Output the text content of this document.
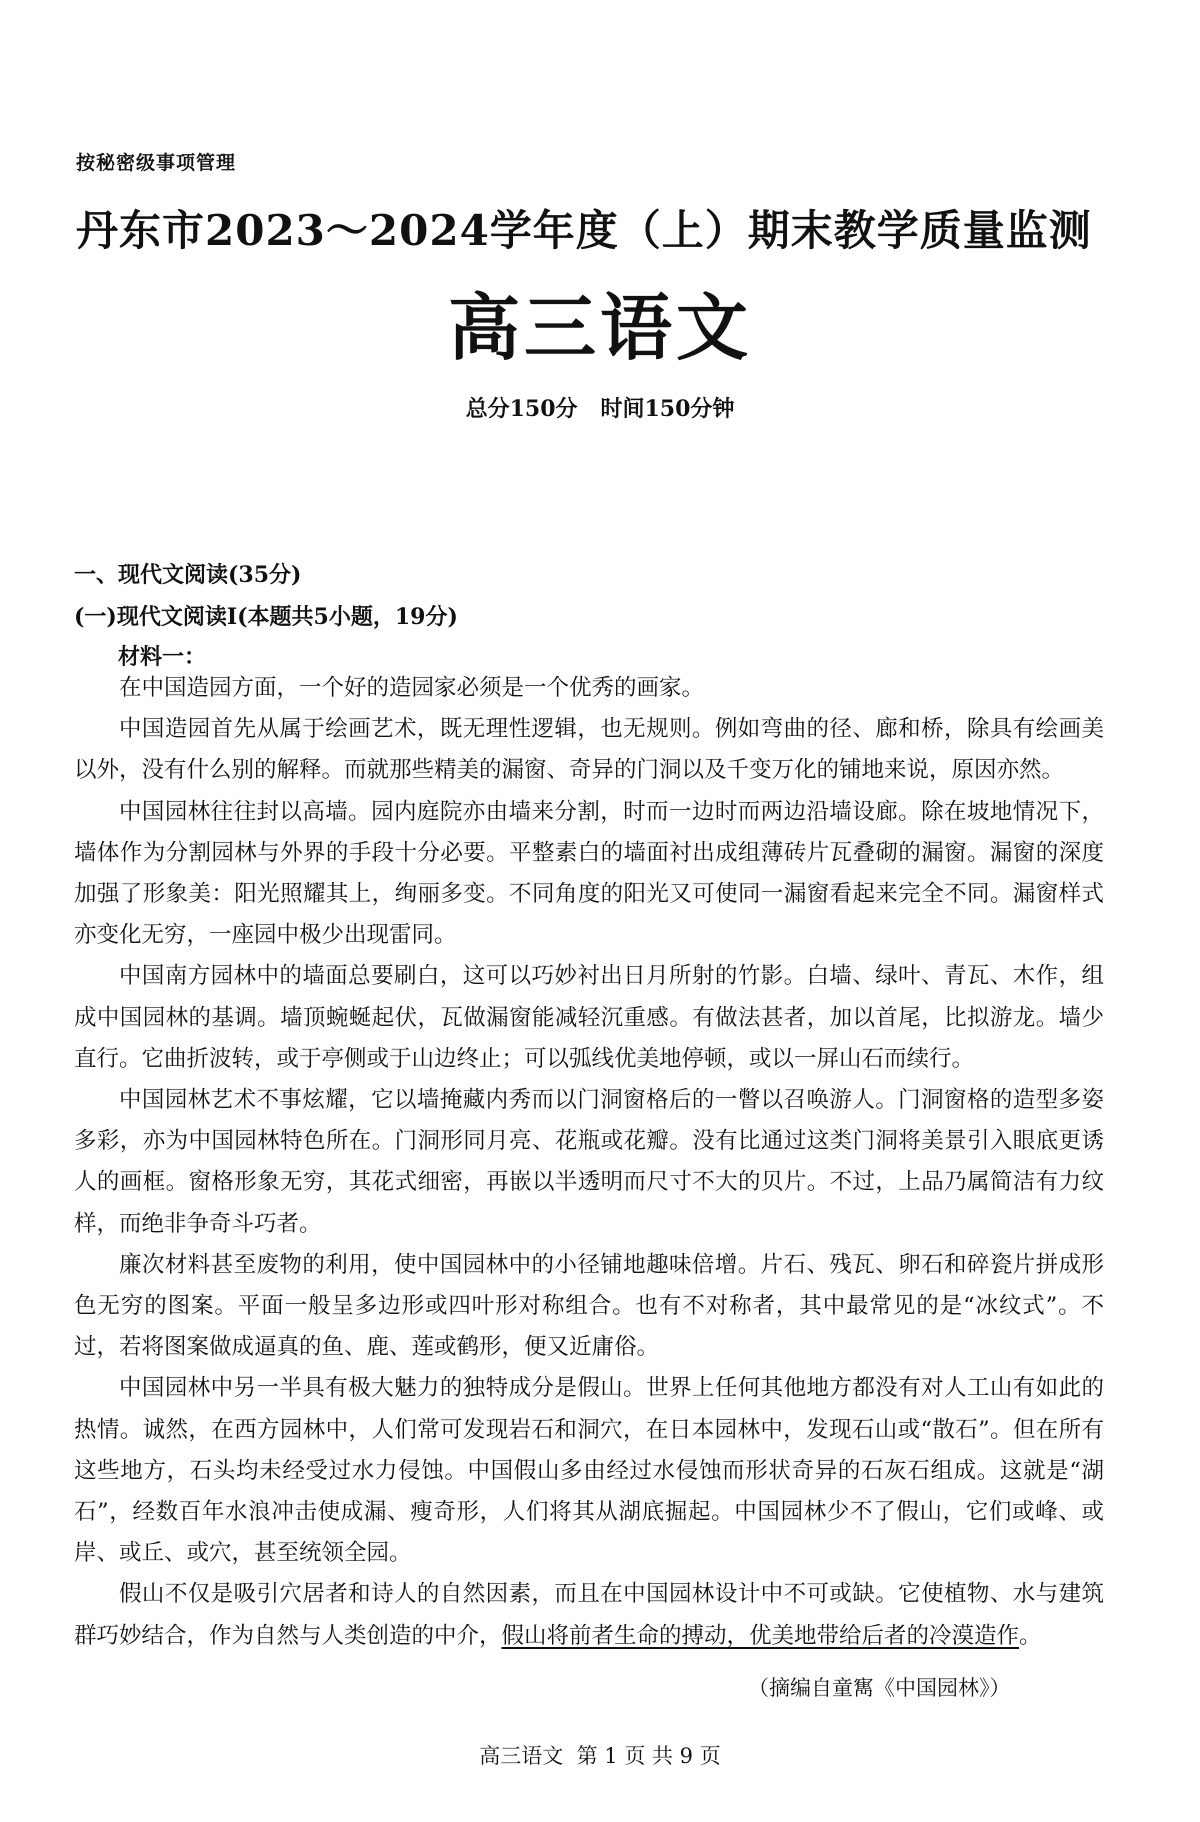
按秘密级事项管理
丹东市2023～2024学年度（上）期末教学质量监测
高三语文
总分150分   时间150分钟
一、现代文阅读(35分)
(一)现代文阅读Ⅰ(本题共5小题，19分)
材料一：

在中国造园方面，一个好的造园家必须是一个优秀的画家。

中国造园首先从属于绘画艺术，既无理性逻辑，也无规则。例如弯曲的径、廊和桥，除具有绘画美以外，没有什么别的解释。而就那些精美的漏窗、奇异的门洞以及千变万化的铺地来说，原因亦然。

中国园林往往封以高墙。园内庭院亦由墙来分割，时而一边时而两边沿墙设廊。除在坡地情况下，墙体作为分割园林与外界的手段十分必要。平整素白的墙面衬出成组薄砖片瓦叠砌的漏窗。漏窗的深度加强了形象美：阳光照耀其上，绚丽多变。不同角度的阳光又可使同一漏窗看起来完全不同。漏窗样式亦变化无穷，一座园中极少出现雷同。

中国南方园林中的墙面总要刷白，这可以巧妙衬出日月所射的竹影。白墙、绿叶、青瓦、木作，组成中国园林的基调。墙顶蜿蜒起伏，瓦做漏窗能减轻沉重感。有做法甚者，加以首尾，比拟游龙。墙少直行。它曲折波转，或于亭侧或于山边终止；可以弧线优美地停顿，或以一屏山石而续行。

中国园林艺术不事炫耀，它以墙掩藏内秀而以门洞窗格后的一瞥以召唤游人。门洞窗格的造型多姿多彩，亦为中国园林特色所在。门洞形同月亮、花瓶或花瓣。没有比通过这类门洞将美景引入眼底更诱人的画框。窗格形象无穷，其花式细密，再嵌以半透明而尺寸不大的贝片。不过，上品乃属简洁有力纹样，而绝非争奇斗巧者。

廉次材料甚至废物的利用，使中国园林中的小径铺地趣味倍增。片石、残瓦、卵石和碎瓷片拼成形色无穷的图案。平面一般呈多边形或四叶形对称组合。也有不对称者，其中最常见的是“冰纹式”。不过，若将图案做成逼真的鱼、鹿、莲或鹤形，便又近庸俗。

中国园林中另一半具有极大魅力的独特成分是假山。世界上任何其他地方都没有对人工山有如此的热情。诚然，在西方园林中，人们常可发现岩石和洞穴，在日本园林中，发现石山或“散石”。但在所有这些地方，石头均未经受过水力侵蚀。中国假山多由经过水侵蚀而形状奇异的石灰石组成。这就是“湖石”，经数百年水浪冲击使成漏、瘦奇形，人们将其从湖底掘起。中国园林少不了假山，它们或峰、或岸、或丘、或穴，甚至统领全园。

假山不仅是吸引穴居者和诗人的自然因素，而且在中国园林设计中不可或缺。它使植物、水与建筑群巧妙结合，作为自然与人类创造的中介，假山将前者生命的搏动，优美地带给后者的冷漠造作。

（摘编自童寯《中国园林》）
高三语文  第 1 页 共 9 页
